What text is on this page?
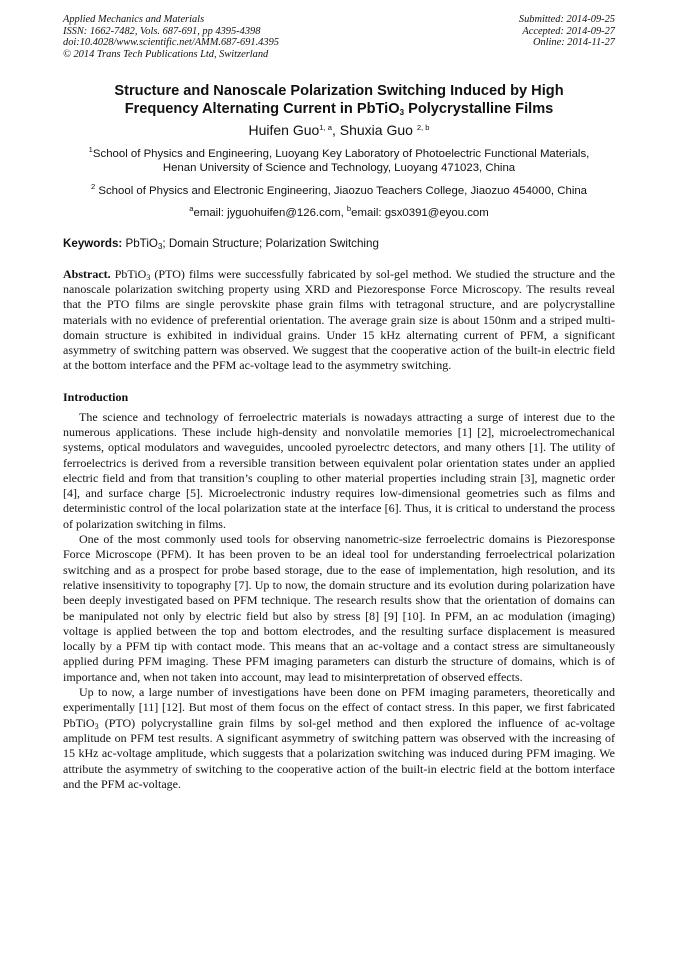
Applied Mechanics and Materials
ISSN: 1662-7482, Vols. 687-691, pp 4395-4398
doi:10.4028/www.scientific.net/AMM.687-691.4395
© 2014 Trans Tech Publications Ltd, Switzerland
Submitted: 2014-09-25
Accepted: 2014-09-27
Online: 2014-11-27
Structure and Nanoscale Polarization Switching Induced by High
Frequency Alternating Current in PbTiO$_3$ Polycrystalline Films
Huifen Guo$^{1, a}$, Shuxia Guo $^{2, b}$
$^1$School of Physics and Engineering, Luoyang Key Laboratory of Photoelectric Functional Materials,
Henan University of Science and Technology, Luoyang 471023, China
$^2$ School of Physics and Electronic Engineering, Jiaozuo Teachers College, Jiaozuo 454000, China
$^a$email: jyguohuifen@126.com, $^b$email: gsx0391@eyou.com
Keywords: PbTiO$_3$; Domain Structure; Polarization Switching
Abstract. PbTiO$_3$ (PTO) films were successfully fabricated by sol-gel method. We studied the structure and the nanoscale polarization switching property using XRD and Piezoresponse Force Microscopy. The results reveal that the PTO films are single perovskite phase grain films with tetragonal structure, and are polycrystalline materials with no evidence of preferential orientation. The average grain size is about 150nm and a striped multi-domain structure is exhibited in individual grains. Under 15 kHz alternating current of PFM, a significant asymmetry of switching pattern was observed. We suggest that the cooperative action of the built-in electric field at the bottom interface and the PFM ac-voltage lead to the asymmetry switching.
Introduction

The science and technology of ferroelectric materials is nowadays attracting a surge of interest due to the numerous applications. These include high-density and nonvolatile memories [1] [2], microelectromechanical systems, optical modulators and waveguides, uncooled pyroelectrc detectors, and many others [1]. The utility of ferroelectrics is derived from a reversible transition between equivalent polar orientation states under an applied electric field and from that transition’s coupling to other material properties including strain [3], magnetic order [4], and surface charge [5]. Microelectronic industry requires low-dimensional geometries such as films and deterministic control of the local polarization state at the interface [6]. Thus, it is critical to understand the process of polarization switching in films.

One of the most commonly used tools for observing nanometric-size ferroelectric domains is Piezoresponse Force Microscope (PFM). It has been proven to be an ideal tool for understanding ferroelectrical polarization switching and as a prospect for probe based storage, due to the ease of implementation, high resolution, and its relative insensitivity to topography [7]. Up to now, the domain structure and its evolution during polarization have been deeply investigated based on PFM technique. The research results show that the orientation of domains can be manipulated not only by electric field but also by stress [8] [9] [10]. In PFM, an ac modulation (imaging) voltage is applied between the top and bottom electrodes, and the resulting surface displacement is measured locally by a PFM tip with contact mode. This means that an ac-voltage and a contact stress are simultaneously applied during PFM imaging. These PFM imaging parameters can disturb the structure of domains, which is of importance and, when not taken into account, may lead to misinterpretation of observed effects.

Up to now, a large number of investigations have been done on PFM imaging parameters, theoretically and experimentally [11] [12]. But most of them focus on the effect of contact stress. In this paper, we first fabricated PbTiO$_3$ (PTO) polycrystalline grain films by sol-gel method and then explored the influence of ac-voltage amplitude on PFM test results. A significant asymmetry of switching pattern was observed with the increasing of 15 kHz ac-voltage amplitude, which suggests that a polarization switching was induced during PFM imaging. We attribute the asymmetry of switching to the cooperative action of the built-in electric field at the bottom interface and the PFM ac-voltage.
